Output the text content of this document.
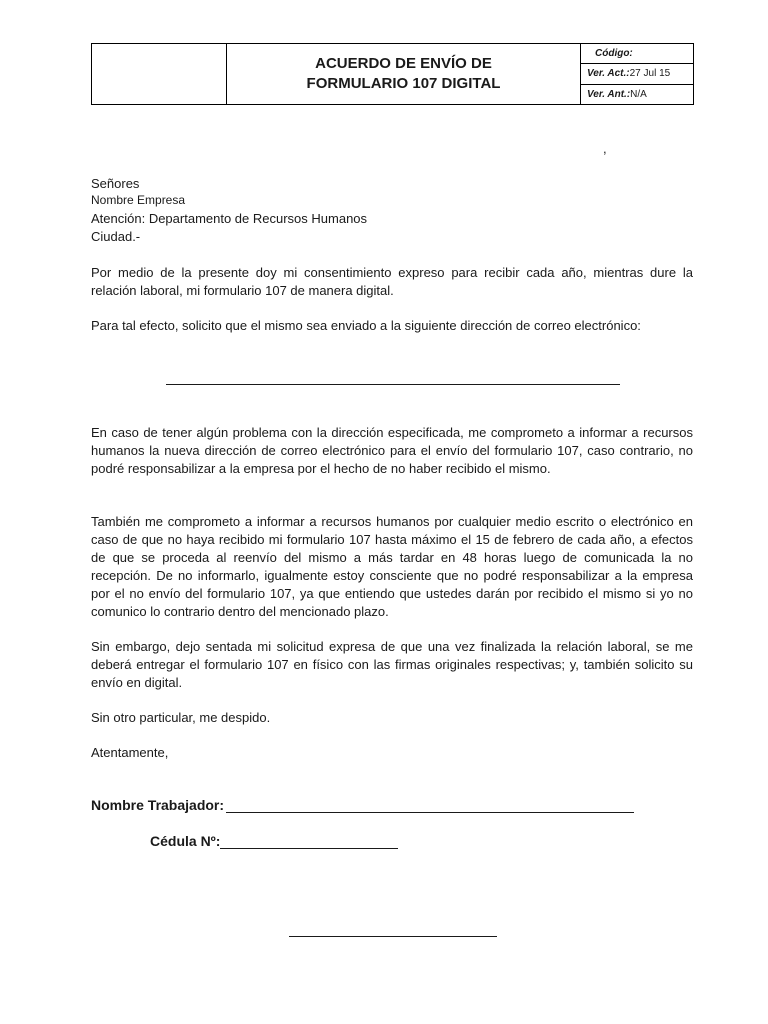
ACUERDO DE ENVÍO DE
FORMULARIO 107 DIGITAL
Código:
Ver. Act.: 27 Jul 15
Ver. Ant.: N/A
,
Señores
Nombre Empresa
Atención: Departamento de Recursos Humanos
Ciudad.-
Por medio de la presente doy mi consentimiento expreso para recibir cada año, mientras dure la relación laboral, mi formulario 107 de manera digital.
Para tal efecto, solicito que el mismo sea enviado a la siguiente dirección de correo electrónico:
En caso de tener algún problema con la dirección especificada, me comprometo a informar a recursos humanos la nueva dirección de correo electrónico para el envío del formulario 107, caso contrario, no podré responsabilizar a la empresa por el hecho de no haber recibido el mismo.
También me comprometo a informar a recursos humanos por cualquier medio escrito o electrónico en caso de que no haya recibido mi formulario 107 hasta máximo el 15 de febrero de cada año, a efectos de que se proceda al reenvío del mismo a más tardar en 48 horas luego de comunicada la no recepción. De no informarlo, igualmente estoy consciente que no podré responsabilizar a la empresa por el no envío del formulario 107, ya que entiendo que ustedes darán por recibido el mismo si yo no comunico lo contrario dentro del mencionado plazo.
Sin embargo, dejo sentada mi solicitud expresa de que una vez finalizada la relación laboral, se me deberá entregar el formulario 107 en físico con las firmas originales respectivas; y, también solicito su envío en digital.
Sin otro particular, me despido.
Atentamente,
Nombre Trabajador:
Cédula Nº:
